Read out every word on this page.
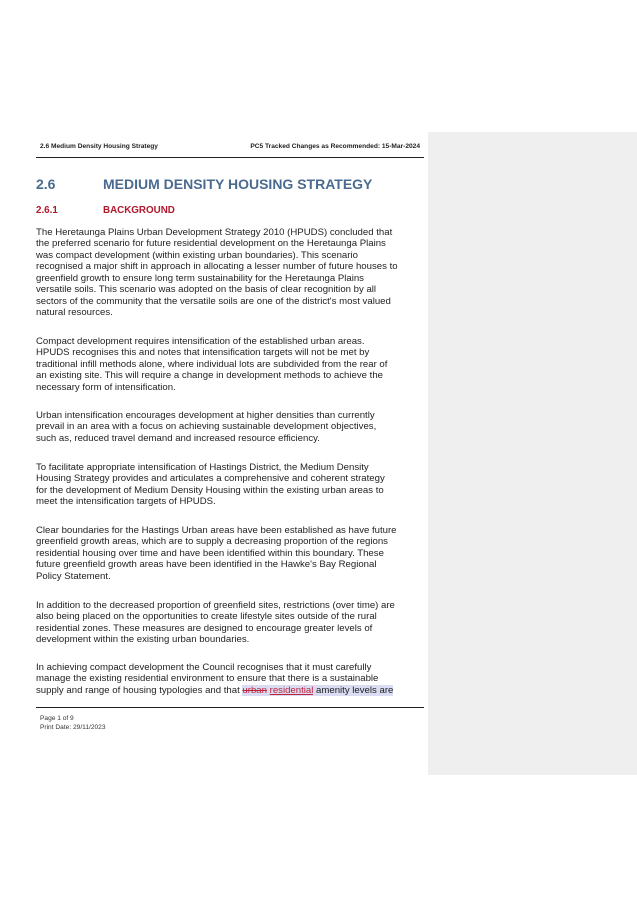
2.6 Medium Density Housing Strategy	PC5 Tracked Changes as Recommended: 15-Mar-2024
2.6	MEDIUM DENSITY HOUSING STRATEGY
2.6.1	BACKGROUND
The Heretaunga Plains Urban Development Strategy 2010 (HPUDS) concluded that
the preferred scenario for future residential development on the Heretaunga Plains
was compact development (within existing urban boundaries). This scenario
recognised a major shift in approach in allocating a lesser number of future houses to
greenfield growth to ensure long term sustainability for the Heretaunga Plains
versatile soils. This scenario was adopted on the basis of clear recognition by all
sectors of the community that the versatile soils are one of the district's most valued
natural resources.
Compact development requires intensification of the established urban areas.
HPUDS recognises this and notes that intensification targets will not be met by
traditional infill methods alone, where individual lots are subdivided from the rear of
an existing site. This will require a change in development methods to achieve the
necessary form of intensification.
Urban intensification encourages development at higher densities than currently
prevail in an area with a focus on achieving sustainable development objectives,
such as, reduced travel demand and increased resource efficiency.
To facilitate appropriate intensification of Hastings District, the Medium Density
Housing Strategy provides and articulates a comprehensive and coherent strategy
for the development of Medium Density Housing within the existing urban areas to
meet the intensification targets of HPUDS.
Clear boundaries for the Hastings Urban areas have been established as have future
greenfield growth areas, which are to supply a decreasing proportion of the regions
residential housing over time and have been identified within this boundary. These
future greenfield growth areas have been identified in the Hawke's Bay Regional
Policy Statement.
In addition to the decreased proportion of greenfield sites, restrictions (over time) are
also being placed on the opportunities to create lifestyle sites outside of the rural
residential zones. These measures are designed to encourage greater levels of
development within the existing urban boundaries.
In achieving compact development the Council recognises that it must carefully
manage the existing residential environment to ensure that there is a sustainable
supply and range of housing typologies and that urban residential amenity levels are
Page 1 of 9
Print Date: 29/11/2023
